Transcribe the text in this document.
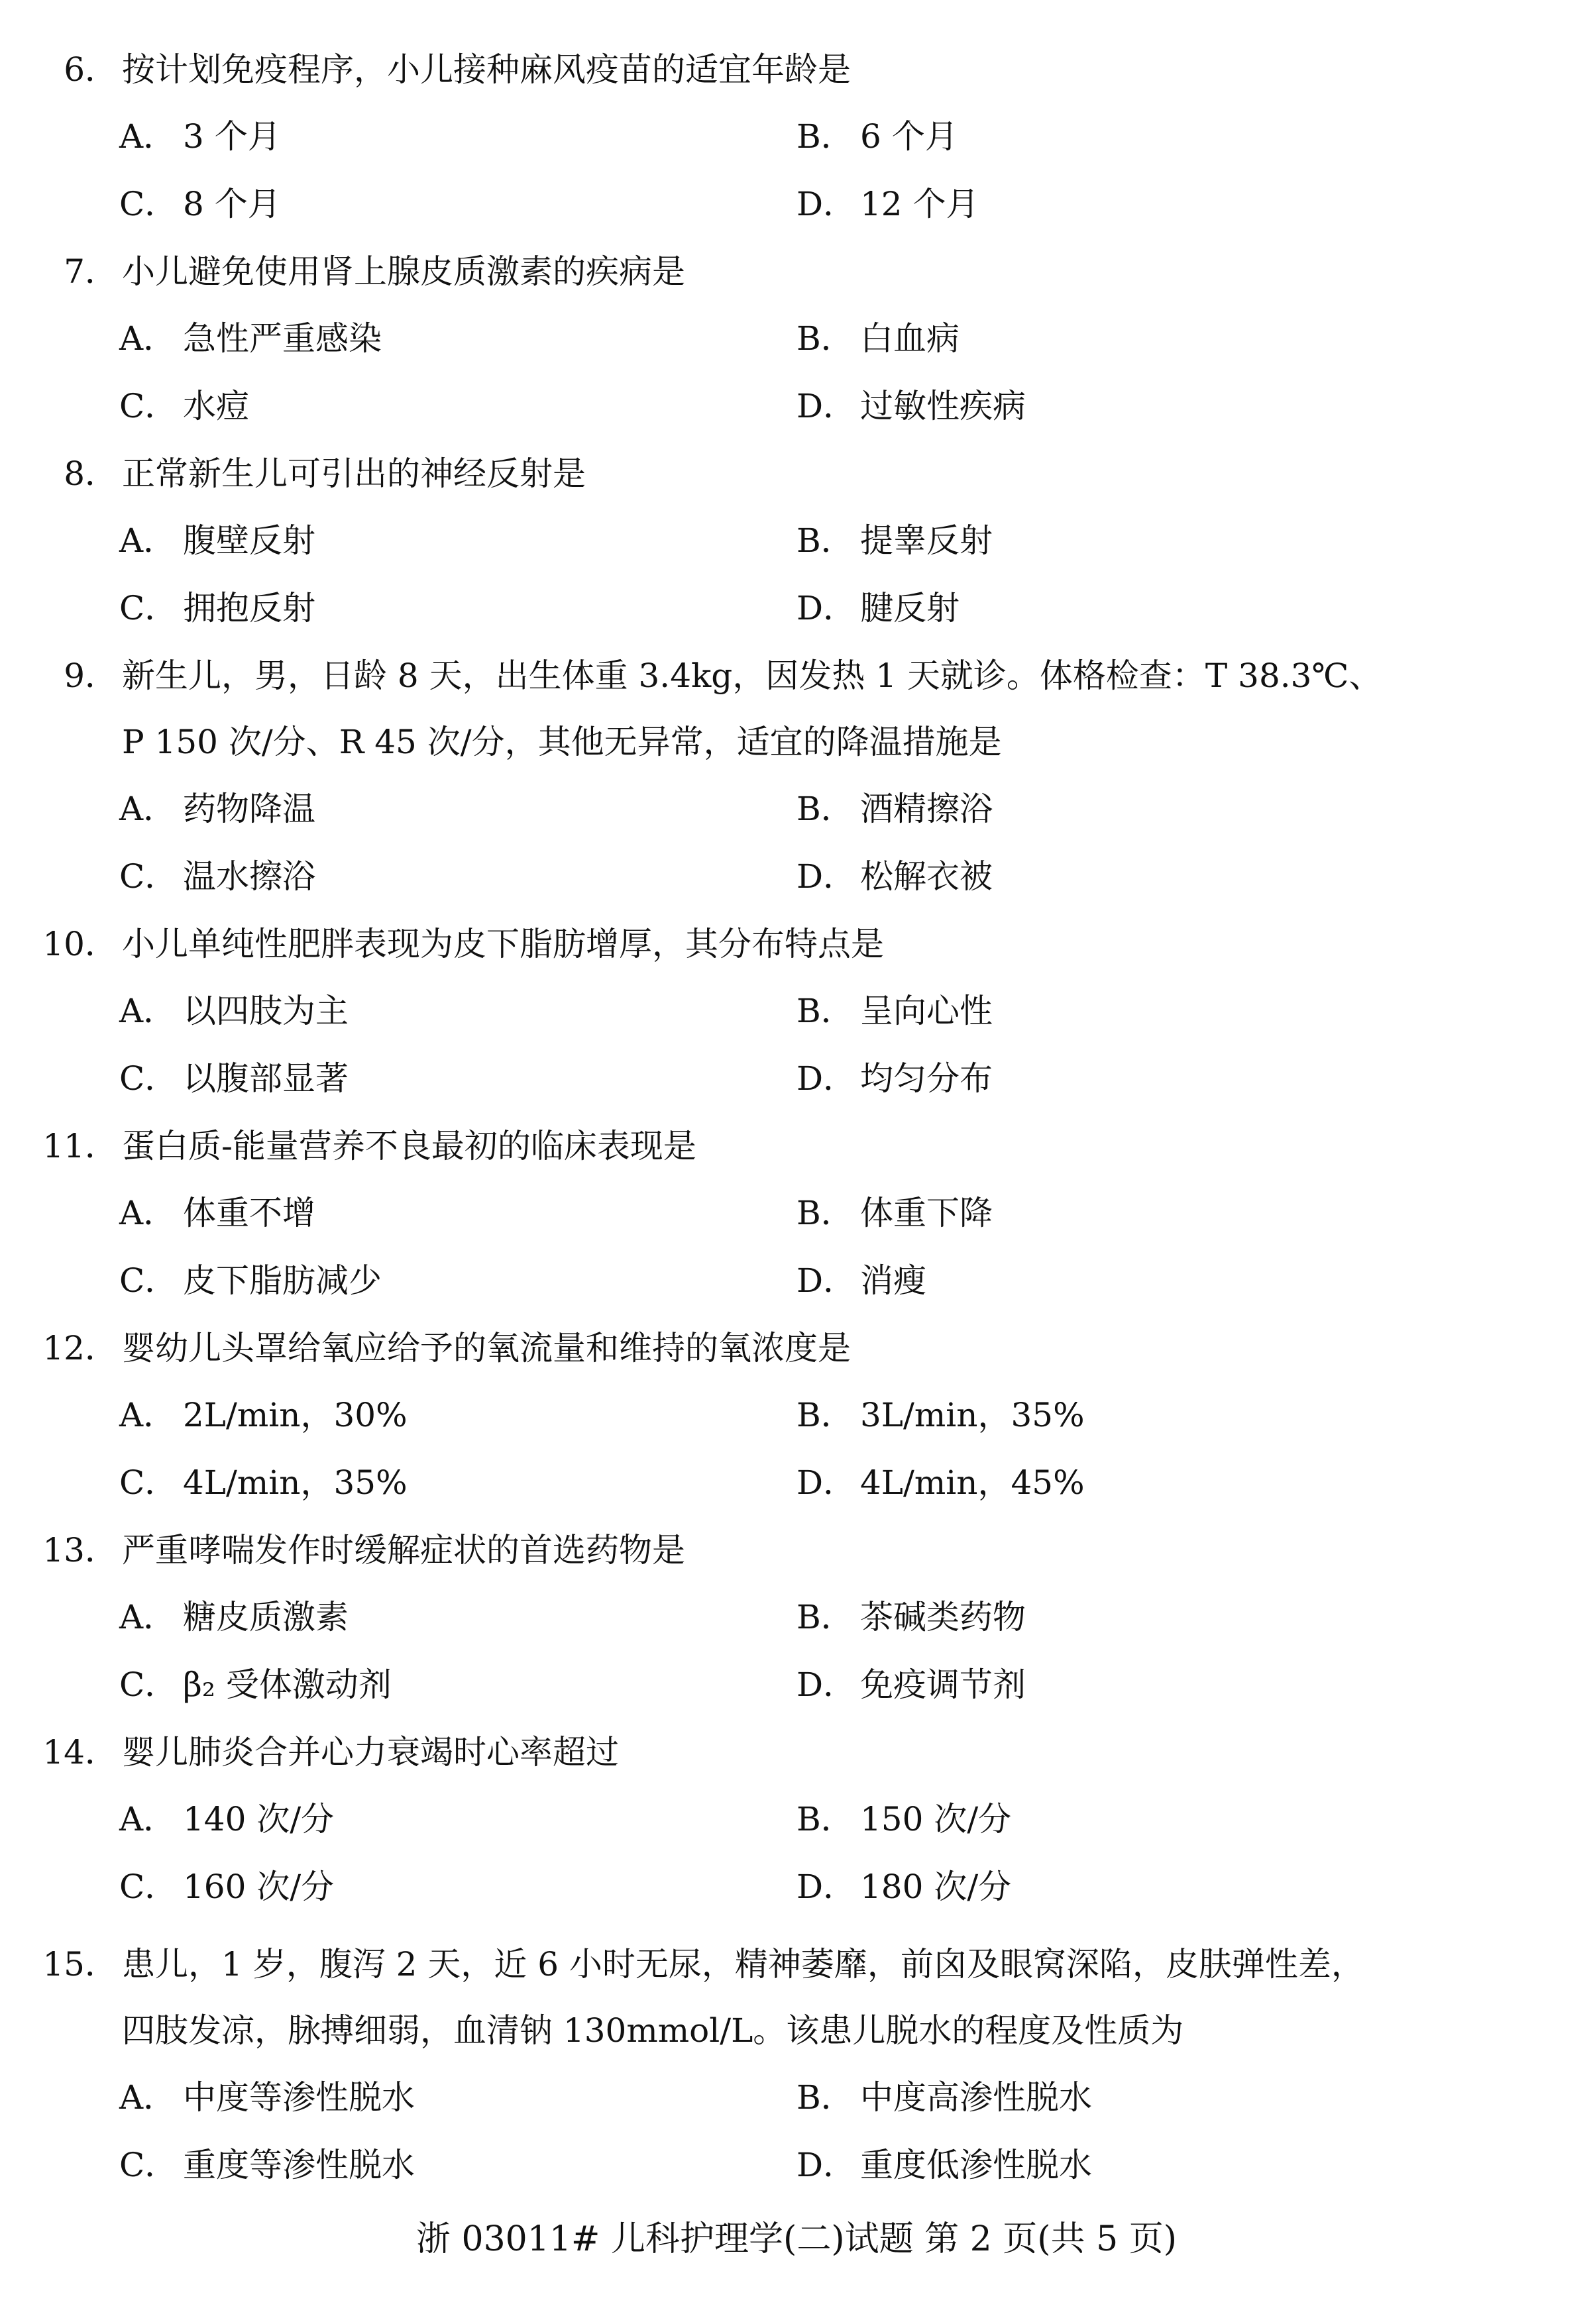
6． 按计划免疫程序，小儿接种麻风疫苗的适宜年龄是
A． 3 个月	B． 6 个月
C． 8 个月	D． 12 个月
7． 小儿避免使用肾上腺皮质激素的疾病是
A． 急性严重感染	B． 白血病
C． 水痘	D． 过敏性疾病
8． 正常新生儿可引出的神经反射是
A． 腹壁反射	B． 提睾反射
C． 拥抱反射	D． 腱反射
9． 新生儿，男，日龄 8 天，出生体重 3.4kg，因发热 1 天就诊。体格检查：T 38.3℃、
P 150 次/分、R 45 次/分，其他无异常，适宜的降温措施是
A． 药物降温	B． 酒精擦浴
C． 温水擦浴	D． 松解衣被
10． 小儿单纯性肥胖表现为皮下脂肪增厚，其分布特点是
A． 以四肢为主	B． 呈向心性
C． 以腹部显著	D． 均匀分布
11． 蛋白质-能量营养不良最初的临床表现是
A． 体重不增	B． 体重下降
C． 皮下脂肪减少	D． 消瘦
12． 婴幼儿头罩给氧应给予的氧流量和维持的氧浓度是
A． 2L/min，30%	B． 3L/min，35%
C． 4L/min，35%	D． 4L/min，45%
13． 严重哮喘发作时缓解症状的首选药物是
A． 糖皮质激素	B． 茶碱类药物
C． β₂ 受体激动剂	D． 免疫调节剂
14． 婴儿肺炎合并心力衰竭时心率超过
A． 140 次/分	B． 150 次/分
C． 160 次/分	D． 180 次/分
15． 患儿，1 岁，腹泻 2 天，近 6 小时无尿，精神萎靡，前囟及眼窝深陷，皮肤弹性差，
四肢发凉，脉搏细弱，血清钠 130mmol/L。该患儿脱水的程度及性质为
A． 中度等渗性脱水	B． 中度高渗性脱水
C． 重度等渗性脱水	D． 重度低渗性脱水
浙 03011# 儿科护理学(二)试题 第 2 页(共 5 页)
